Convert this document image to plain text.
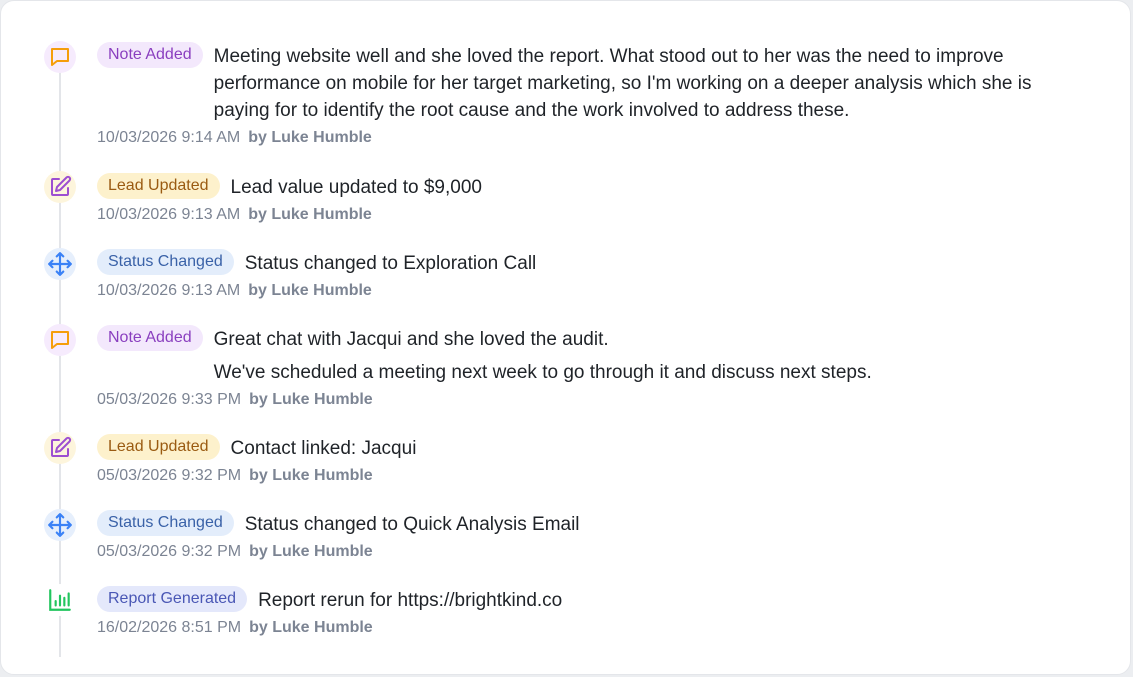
Note Added	Meeting website well and she loved the report. What stood out to her was the need to improve performance on mobile for her target marketing, so I'm working on a deeper analysis which she is paying for to identify the root cause and the work involved to address these.

10/03/2026 9:14 AM by Luke Humble
Lead Updated	Lead value updated to $9,000

10/03/2026 9:13 AM by Luke Humble
Status Changed	Status changed to Exploration Call

10/03/2026 9:13 AM by Luke Humble
Note Added	Great chat with Jacqui and she loved the audit.

We've scheduled a meeting next week to go through it and discuss next steps.

05/03/2026 9:33 PM by Luke Humble
Lead Updated	Contact linked: Jacqui

05/03/2026 9:32 PM by Luke Humble
Status Changed	Status changed to Quick Analysis Email

05/03/2026 9:32 PM by Luke Humble
Report Generated	Report rerun for https://brightkind.co

16/02/2026 8:51 PM by Luke Humble
